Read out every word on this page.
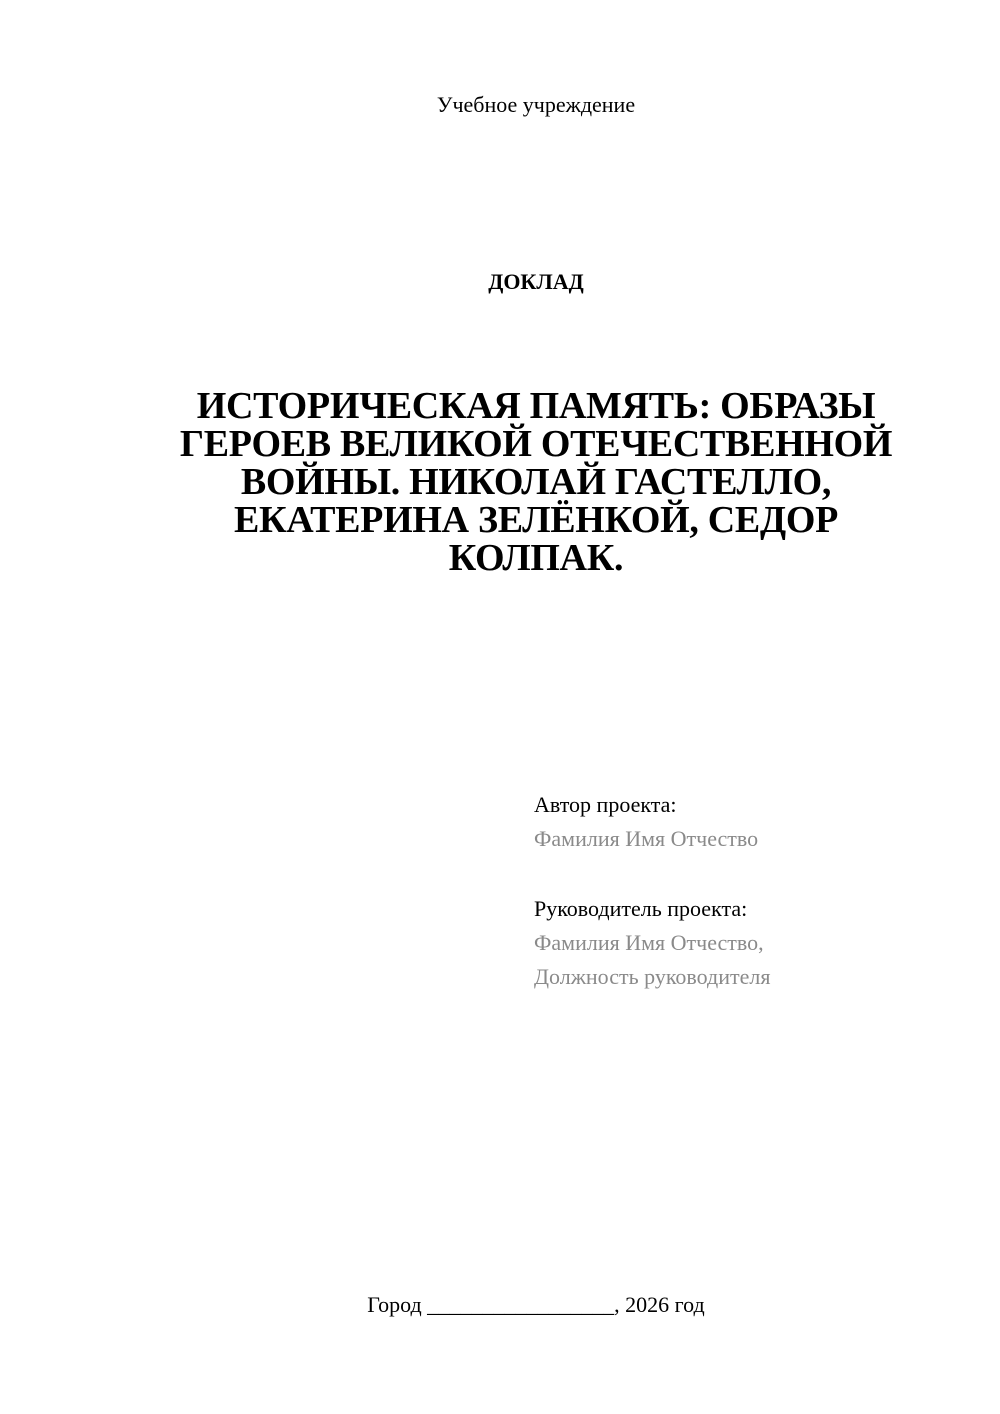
Учебное учреждение
ДОКЛАД
ИСТОРИЧЕСКАЯ ПАМЯТЬ: ОБРАЗЫ ГЕРОЕВ ВЕЛИКОЙ ОТЕЧЕСТВЕННОЙ ВОЙНЫ. НИКОЛАЙ ГАСТЕЛЛО, ЕКАТЕРИНА ЗЕЛЁНКОЙ, СЕДОР КОЛПАК.
Автор проекта:
Фамилия Имя Отчество
Руководитель проекта:
Фамилия Имя Отчество,
Должность руководителя
Город _________________, 2026 год
